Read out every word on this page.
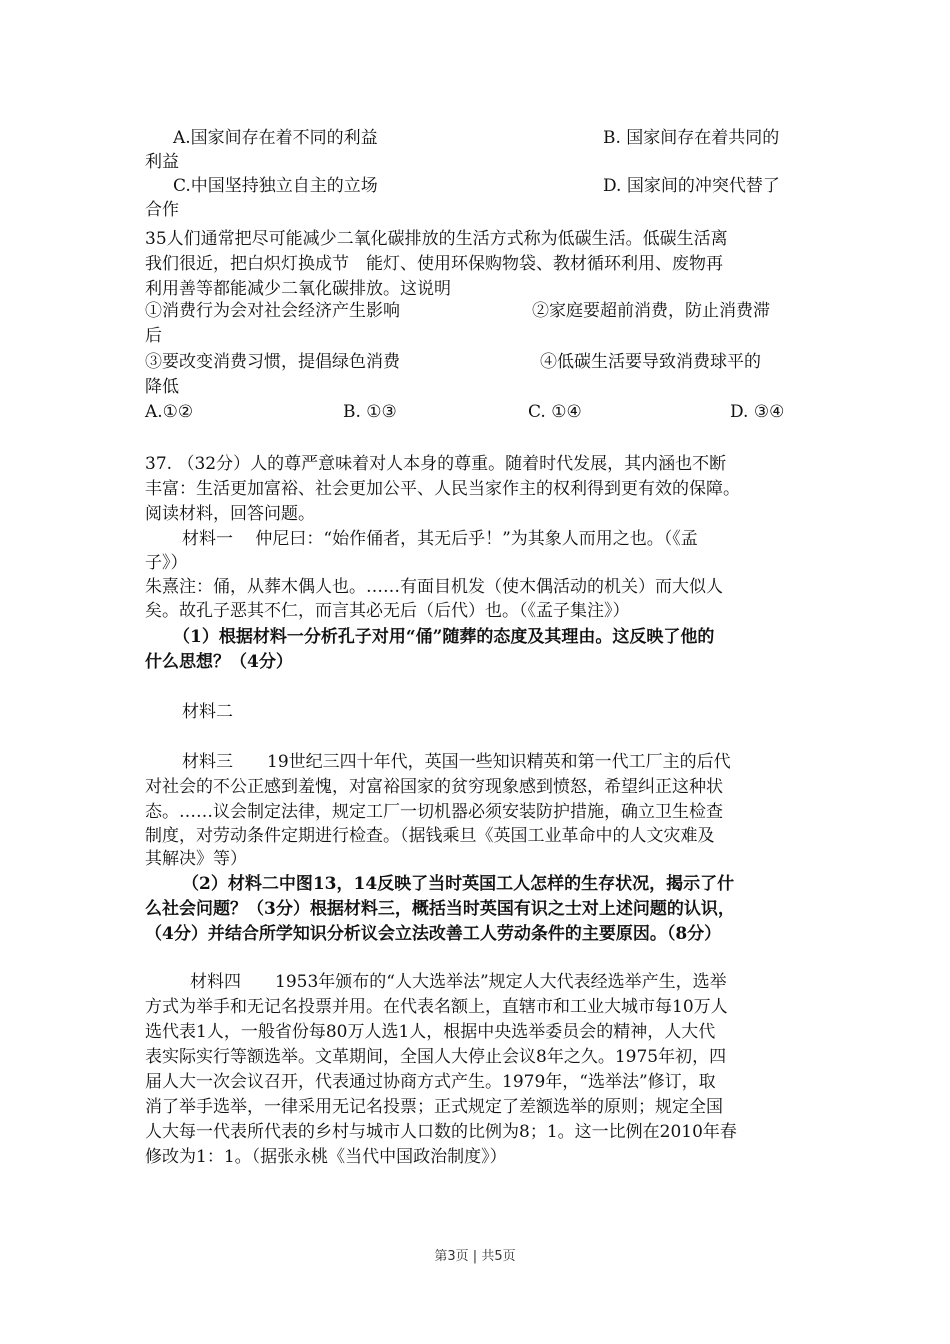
A.国家间存在着不同的利益	B. 国家间存在着共同的
利益
C.中国坚持独立自主的立场	D. 国家间的冲突代替了
合作
35人们通常把尽可能减少二氧化碳排放的生活方式称为低碳生活。低碳生活离
我们很近，把白炽灯换成节　能灯、使用环保购物袋、教材循环利用、废物再
利用善等都能减少二氧化碳排放。这说明
①消费行为会对社会经济产生影响	②家庭要超前消费，防止消费滞
后
③要改变消费习惯，提倡绿色消费	④低碳生活要导致消费球平的
降低
A.①②	B. ①③	C. ①④	D. ③④
37. （32分）人的尊严意味着对人本身的尊重。随着时代发展，其内涵也不断
丰富：生活更加富裕、社会更加公平、人民当家作主的权利得到更有效的保障。
阅读材料，回答问题。
材料一　 仲尼曰：“始作俑者，其无后乎！”为其象人而用之也。（《孟
子》）
朱熹注：俑，从葬木偶人也。……有面目机发（使木偶活动的机关）而大似人
矣。故孔子恶其不仁，而言其必无后（后代）也。（《孟子集注》）
（1）根据材料一分析孔子对用“俑”随葬的态度及其理由。这反映了他的
什么思想？（4分）
材料二
材料三　　19世纪三四十年代，英国一些知识精英和第一代工厂主的后代
对社会的不公正感到羞愧，对富裕国家的贫穷现象感到愤怒，希望纠正这种状
态。……议会制定法律，规定工厂一切机器必须安装防护措施，确立卫生检查
制度，对劳动条件定期进行检查。（据钱乘旦《英国工业革命中的人文灾难及
其解决》等）
（2）材料二中图13，14反映了当时英国工人怎样的生存状况，揭示了什
么社会问题？（3分）根据材料三，概括当时英国有识之士对上述问题的认识，
（4分）并结合所学知识分析议会立法改善工人劳动条件的主要原因。（8分）
材料四　　1953年颁布的“人大选举法”规定人大代表经选举产生，选举
方式为举手和无记名投票并用。在代表名额上，直辖市和工业大城市每10万人
选代表1人，一般省份每80万人选1人，根据中央选举委员会的精神，人大代
表实际实行等额选举。文革期间，全国人大停止会议8年之久。1975年初，四
届人大一次会议召开，代表通过协商方式产生。1979年，“选举法”修订，取
消了举手选举，一律采用无记名投票；正式规定了差额选举的原则；规定全国
人大每一代表所代表的乡村与城市人口数的比例为8；1。这一比例在2010年春
修改为1：1。（据张永桃《当代中国政治制度》）
第3页 | 共5页
